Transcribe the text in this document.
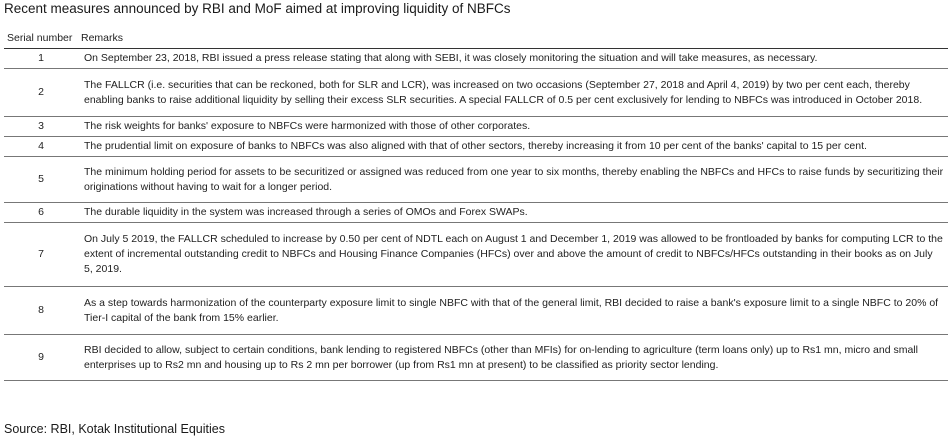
Recent measures announced by RBI and MoF aimed at improving liquidity of NBFCs
Serial number	Remarks
1	On September 23, 2018, RBI issued a press release stating that along with SEBI, it was closely monitoring the situation and will take measures, as necessary.
2	The FALLCR (i.e. securities that can be reckoned, both for SLR and LCR), was increased on two occasions (September 27, 2018 and April 4, 2019) by two per cent each, thereby enabling banks to raise additional liquidity by selling their excess SLR securities. A special FALLCR of 0.5 per cent exclusively for lending to NBFCs was introduced in October 2018.
3	The risk weights for banks' exposure to NBFCs were harmonized with those of other corporates.
4	The prudential limit on exposure of banks to NBFCs was also aligned with that of other sectors, thereby increasing it from 10 per cent of the banks' capital to 15 per cent.
5	The minimum holding period for assets to be securitized or assigned was reduced from one year to six months, thereby enabling the NBFCs and HFCs to raise funds by securitizing their originations without having to wait for a longer period.
6	The durable liquidity in the system was increased through a series of OMOs and Forex SWAPs.
7	On July 5 2019, the FALLCR scheduled to increase by 0.50 per cent of NDTL each on August 1 and December 1, 2019 was allowed to be frontloaded by banks for computing LCR to the extent of incremental outstanding credit to NBFCs and Housing Finance Companies (HFCs) over and above the amount of credit to NBFCs/HFCs outstanding in their books as on July 5, 2019.
8	As a step towards harmonization of the counterparty exposure limit to single NBFC with that of the general limit, RBI decided to raise a bank's exposure limit to a single NBFC to 20% of Tier-I capital of the bank from 15% earlier.
9	RBI decided to allow, subject to certain conditions, bank lending to registered NBFCs (other than MFIs) for on-lending to agriculture (term loans only) up to Rs1 mn, micro and small enterprises up to Rs2 mn and housing up to Rs 2 mn per borrower (up from Rs1 mn at present) to be classified as priority sector lending.
Source: RBI, Kotak Institutional Equities
